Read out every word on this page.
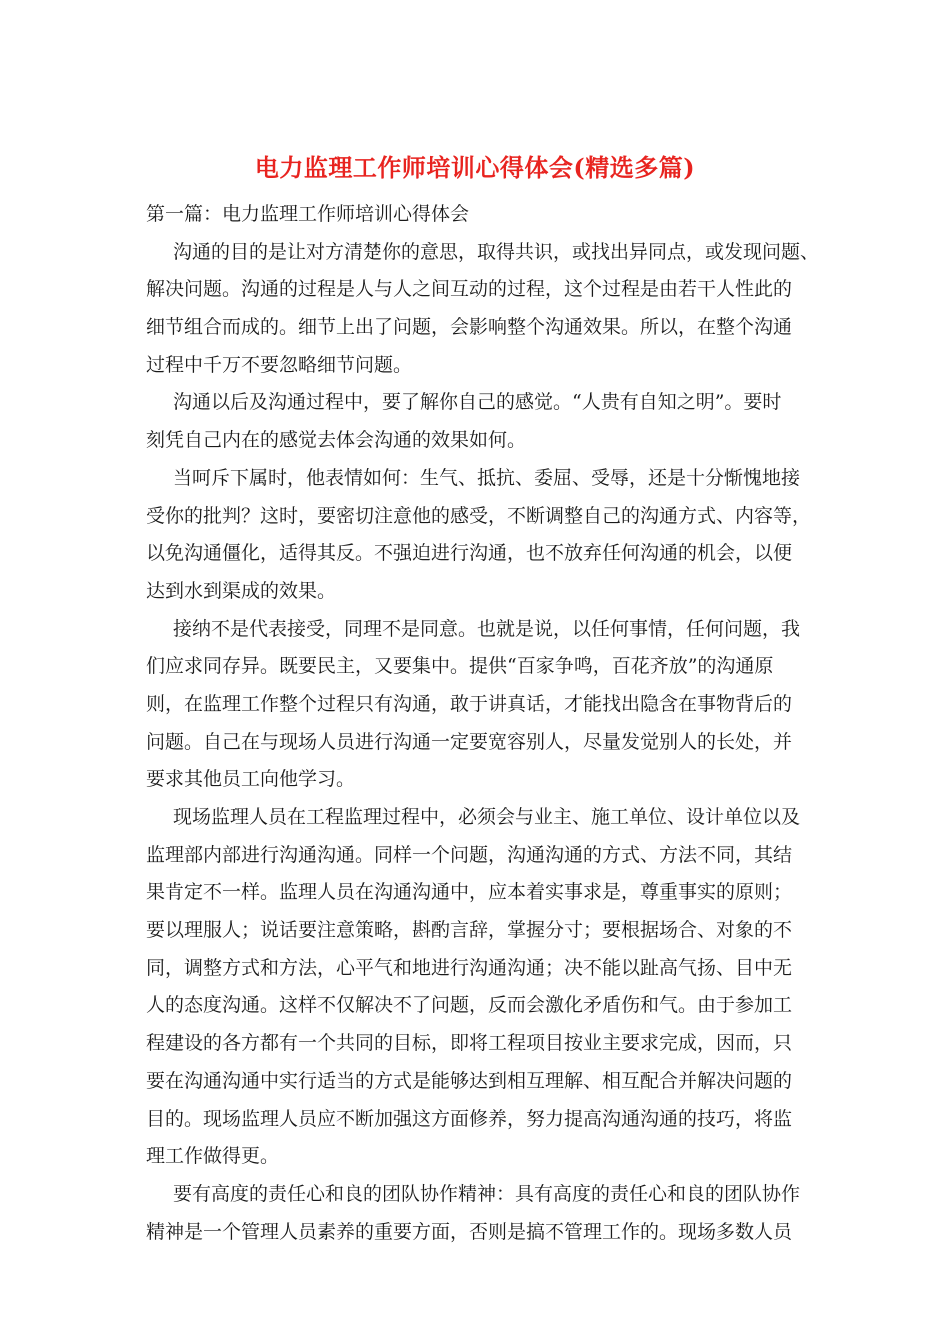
电力监理工作师培训心得体会(精选多篇)
第一篇：电力监理工作师培训心得体会
沟通的目的是让对方清楚你的意思，取得共识，或找出异同点，或发现问题、
解决问题。沟通的过程是人与人之间互动的过程，这个过程是由若干人性此的
细节组合而成的。细节上出了问题，会影响整个沟通效果。所以，在整个沟通
过程中千万不要忽略细节问题。
沟通以后及沟通过程中，要了解你自己的感觉。“人贵有自知之明”。要时
刻凭自己内在的感觉去体会沟通的效果如何。
当呵斥下属时，他表情如何：生气、抵抗、委屈、受辱，还是十分惭愧地接
受你的批判？这时，要密切注意他的感受，不断调整自己的沟通方式、内容等，
以免沟通僵化，适得其反。不强迫进行沟通，也不放弃任何沟通的机会，以便
达到水到渠成的效果。
接纳不是代表接受，同理不是同意。也就是说，以任何事情，任何问题，我
们应求同存异。既要民主，又要集中。提供“百家争鸣，百花齐放”的沟通原
则，在监理工作整个过程只有沟通，敢于讲真话，才能找出隐含在事物背后的
问题。自己在与现场人员进行沟通一定要宽容别人，尽量发觉别人的长处，并
要求其他员工向他学习。
现场监理人员在工程监理过程中，必须会与业主、施工单位、设计单位以及
监理部内部进行沟通沟通。同样一个问题，沟通沟通的方式、方法不同，其结
果肯定不一样。监理人员在沟通沟通中，应本着实事求是，尊重事实的原则；
要以理服人；说话要注意策略，斟酌言辞，掌握分寸；要根据场合、对象的不
同，调整方式和方法，心平气和地进行沟通沟通；决不能以趾高气扬、目中无
人的态度沟通。这样不仅解决不了问题，反而会激化矛盾伤和气。由于参加工
程建设的各方都有一个共同的目标，即将工程项目按业主要求完成，因而，只
要在沟通沟通中实行适当的方式是能够达到相互理解、相互配合并解决问题的
目的。现场监理人员应不断加强这方面修养，努力提高沟通沟通的技巧，将监
理工作做得更。
要有高度的责任心和良的团队协作精神：具有高度的责任心和良的团队协作
精神是一个管理人员素养的重要方面，否则是搞不管理工作的。现场多数人员
